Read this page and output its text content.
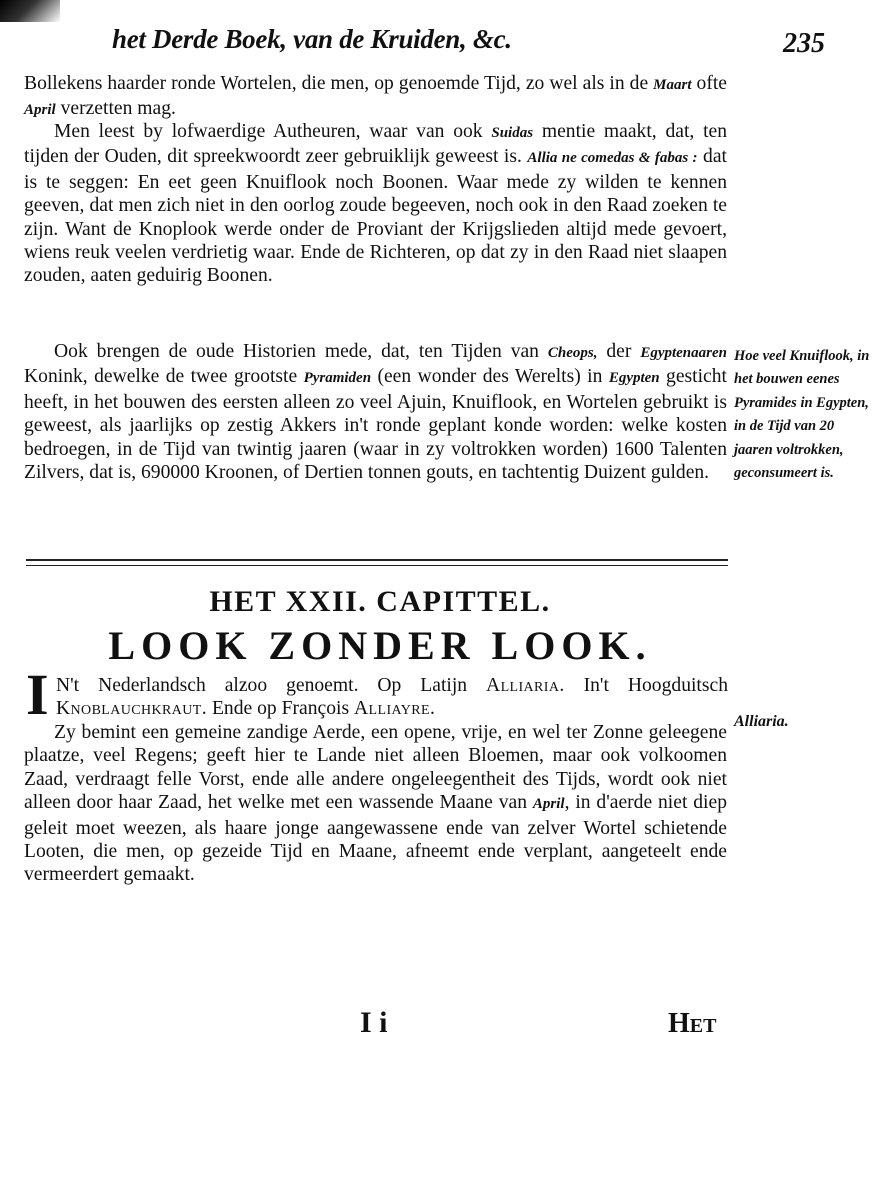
het Derde Boek, van de Kruiden, &c.	235

Bollekens haarder ronde Wortelen, die men, op genoemde Tijd, zo wel als in de Maart ofte April verzetten mag.

Men leest by lofwaerdige Autheuren, waar van ook Suidas mentie maakt, dat, ten tijden der Ouden, dit spreekwoordt zeer gebruiklijk geweest is. Allia ne comedas & fabas : dat is te seggen: En eet geen Knuiflook noch Boonen. Waar mede zy wilden te kennen geeven, dat men zich niet in den oorlog zoude begeeven, noch ook in den Raad zoeken te zijn. Want de Knoplook werde onder de Proviant der Krijgslieden altijd mede gevoert, wiens reuk veelen verdrietig waar. Ende de Richteren, op dat zy in den Raad niet slaapen zouden, aaten geduirig Boonen.

Ook brengen de oude Historien mede, dat, ten Tijden van Cheops, der Egyptenaaren Konink, dewelke de twee grootste Pyramiden (een wonder des Werelts) in Egypten gesticht heeft, in het bouwen des eersten alleen zo veel Ajuin, Knuiflook, en Wortelen gebruikt is geweest, als jaarlijks op zestig Akkers in't ronde geplant konde worden: welke kosten bedroegen, in de Tijd van twintig jaaren (waar in zy voltrokken worden) 1600 Talenten Zilvers, dat is, 690000 Kroonen, of Dertien tonnen gouts, en tachtentig Duizent gulden.

Hoe veel Knuiflook, in het bouwen eenes Pyramides in Egypten, in de Tijd van 20 jaaren voltrokken, geconsumeert is.
HET XXII. CAPITTEL.
LOOK ZONDER LOOK.
I N't Nederlandsch alzoo genoemt. Op Latijn Alliaria. In't Hoogduitsch Knoblauchkraut. Ende op François Alliayre.

Alliaria.

Zy bemint een gemeine zandige Aerde, een opene, vrije, en wel ter Zonne geleegene plaatze, veel Regens; geeft hier te Lande niet alleen Bloemen, maar ook volkoomen Zaad, verdraagt felle Vorst, ende alle andere ongeleegentheit des Tijds, wordt ook niet alleen door haar Zaad, het welke met een wassende Maane van April, in d'aerde niet diep geleit moet weezen, als haare jonge aangewassene ende van zelver Wortel schietende Looten, die men, op gezeide Tijd en Maane, afneemt ende verplant, aangeteelt ende vermeerdert gemaakt.

I i	Het
